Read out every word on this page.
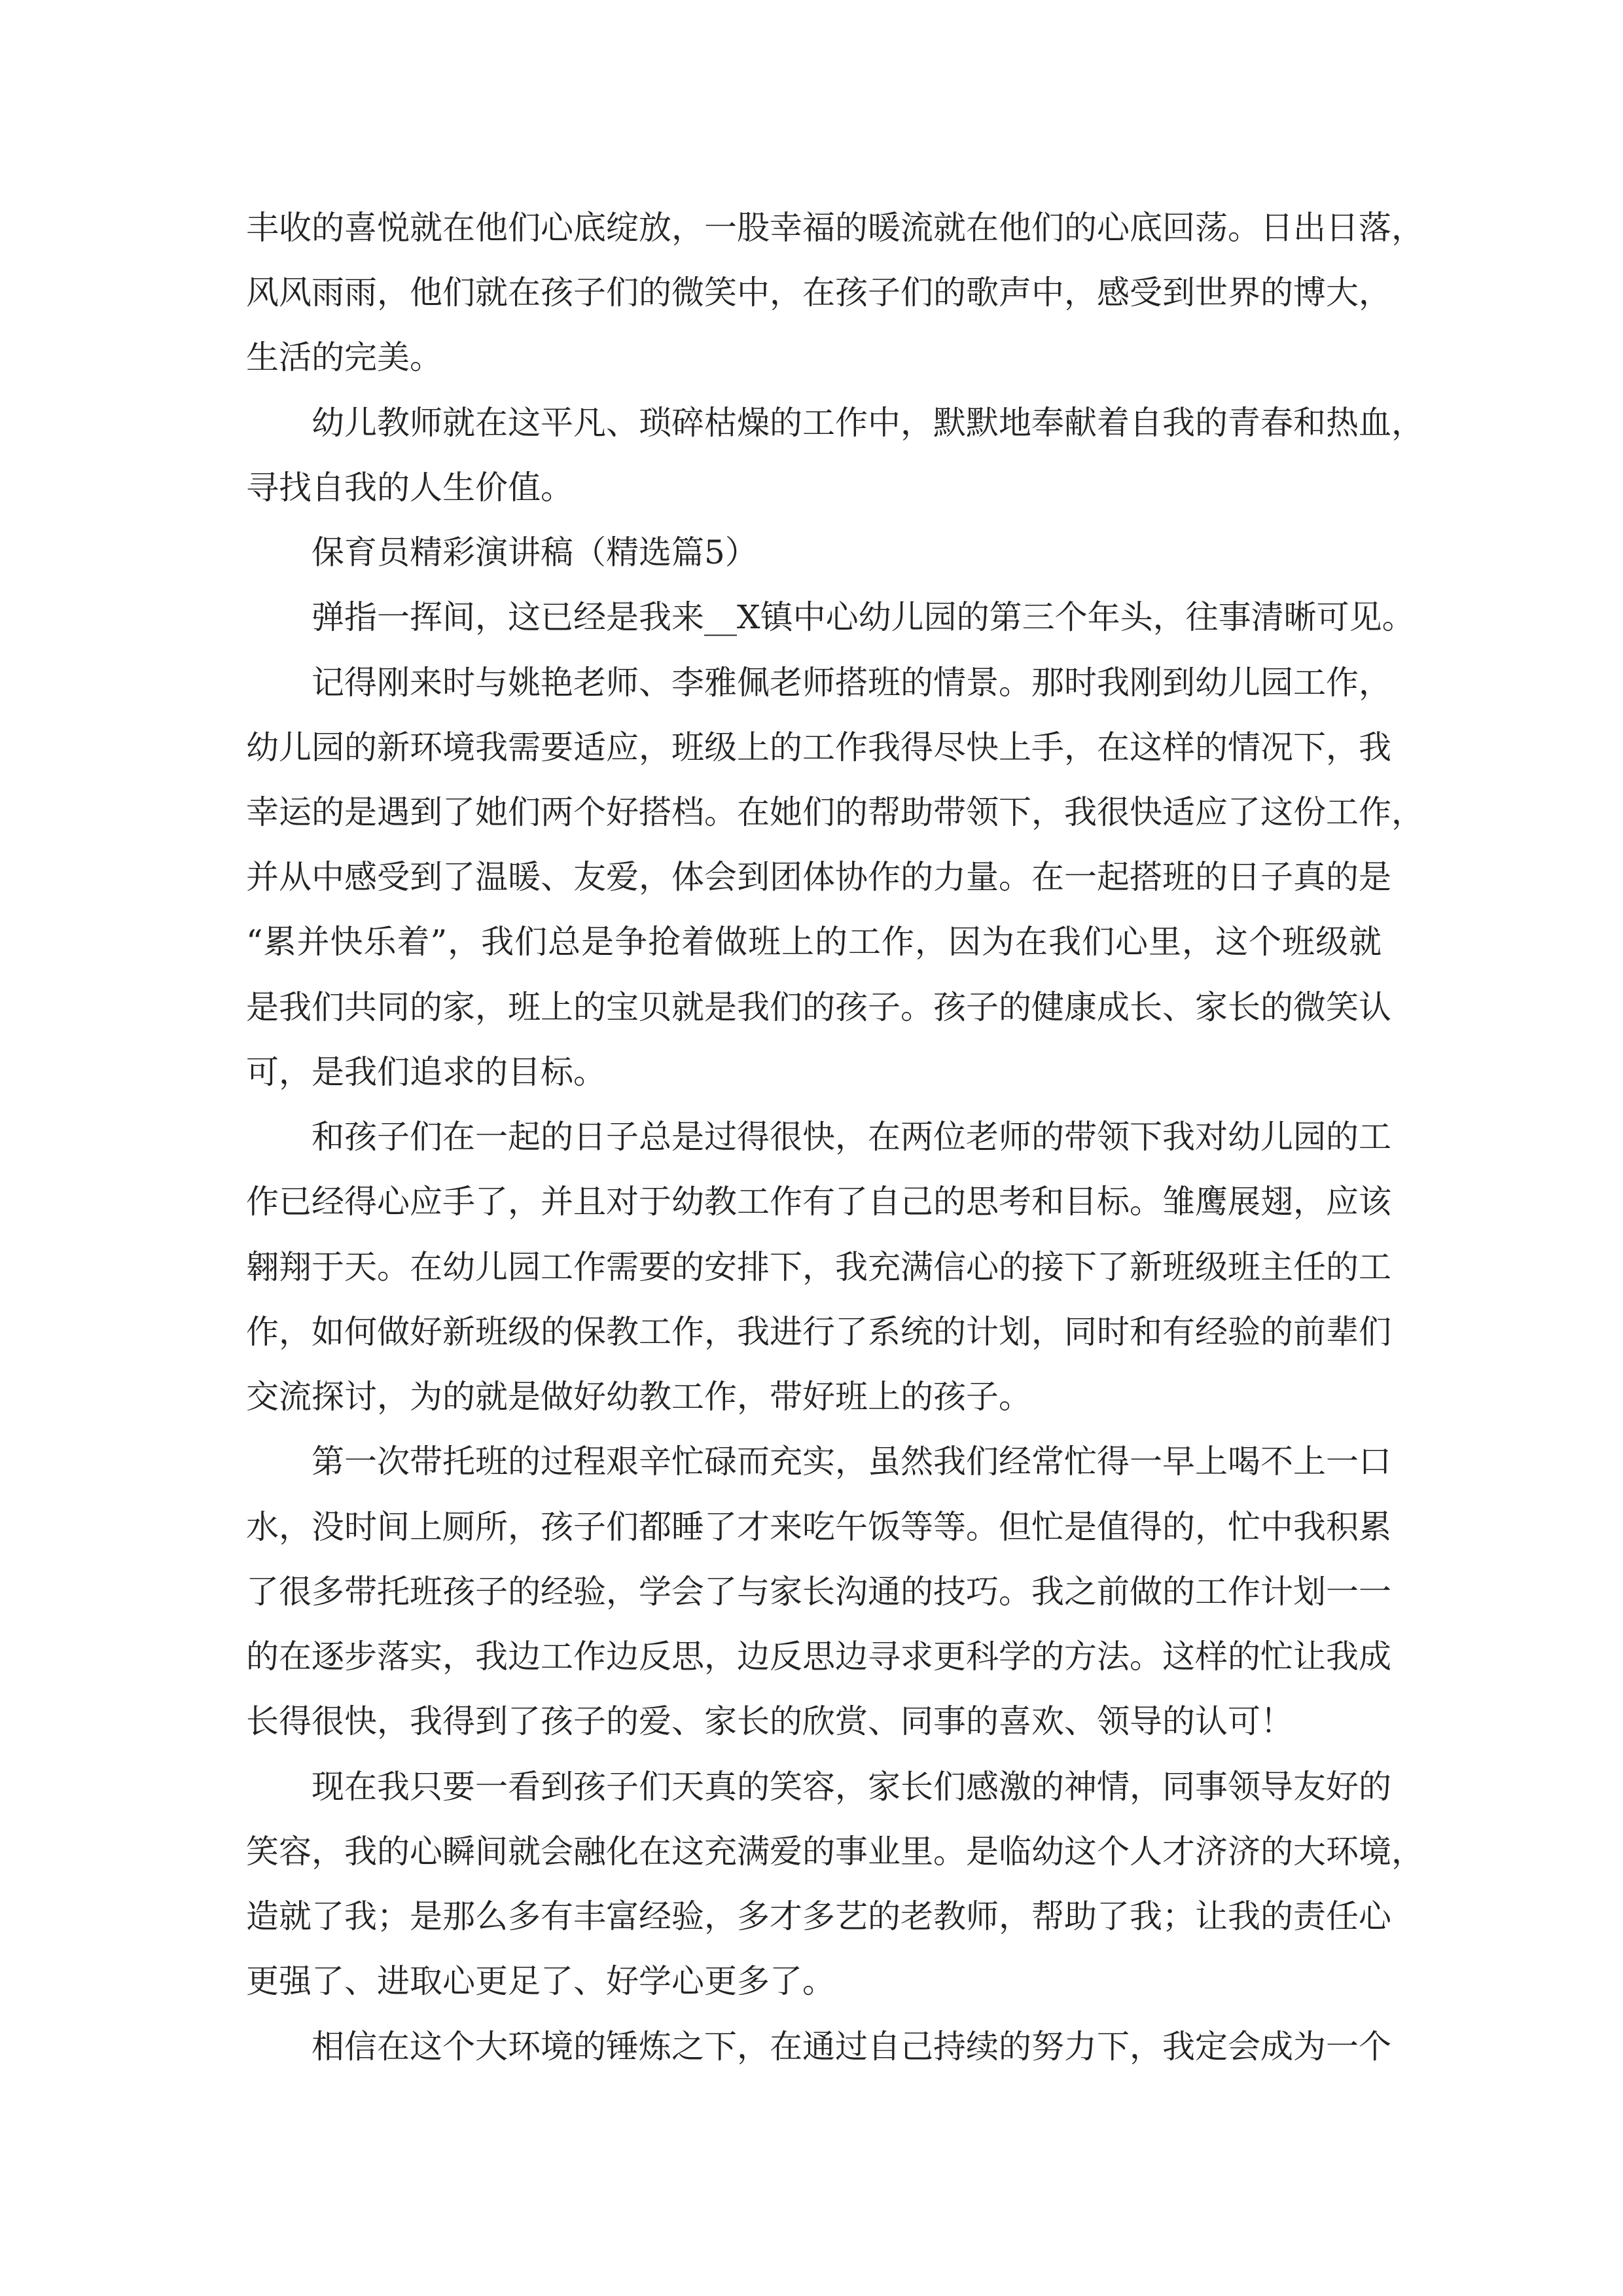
丰收的喜悦就在他们心底绽放，一股幸福的暖流就在他们的心底回荡。日出日落，
风风雨雨，他们就在孩子们的微笑中，在孩子们的歌声中，感受到世界的博大，
生活的完美。
幼儿教师就在这平凡、琐碎枯燥的工作中，默默地奉献着自我的青春和热血，
寻找自我的人生价值。
保育员精彩演讲稿（精选篇5）
弹指一挥间，这已经是我来__X镇中心幼儿园的第三个年头，往事清晰可见。
记得刚来时与姚艳老师、李雅佩老师搭班的情景。那时我刚到幼儿园工作，
幼儿园的新环境我需要适应，班级上的工作我得尽快上手，在这样的情况下，我
幸运的是遇到了她们两个好搭档。在她们的帮助带领下，我很快适应了这份工作，
并从中感受到了温暖、友爱，体会到团体协作的力量。在一起搭班的日子真的是
“累并快乐着”，我们总是争抢着做班上的工作，因为在我们心里，这个班级就
是我们共同的家，班上的宝贝就是我们的孩子。孩子的健康成长、家长的微笑认
可，是我们追求的目标。
和孩子们在一起的日子总是过得很快，在两位老师的带领下我对幼儿园的工
作已经得心应手了，并且对于幼教工作有了自己的思考和目标。雏鹰展翅，应该
翱翔于天。在幼儿园工作需要的安排下，我充满信心的接下了新班级班主任的工
作，如何做好新班级的保教工作，我进行了系统的计划，同时和有经验的前辈们
交流探讨，为的就是做好幼教工作，带好班上的孩子。
第一次带托班的过程艰辛忙碌而充实，虽然我们经常忙得一早上喝不上一口
水，没时间上厕所，孩子们都睡了才来吃午饭等等。但忙是值得的，忙中我积累
了很多带托班孩子的经验，学会了与家长沟通的技巧。我之前做的工作计划一一
的在逐步落实，我边工作边反思，边反思边寻求更科学的方法。这样的忙让我成
长得很快，我得到了孩子的爱、家长的欣赏、同事的喜欢、领导的认可！
现在我只要一看到孩子们天真的笑容，家长们感激的神情，同事领导友好的
笑容，我的心瞬间就会融化在这充满爱的事业里。是临幼这个人才济济的大环境，
造就了我；是那么多有丰富经验，多才多艺的老教师，帮助了我；让我的责任心
更强了、进取心更足了、好学心更多了。
相信在这个大环境的锤炼之下，在通过自己持续的努力下，我定会成为一个
